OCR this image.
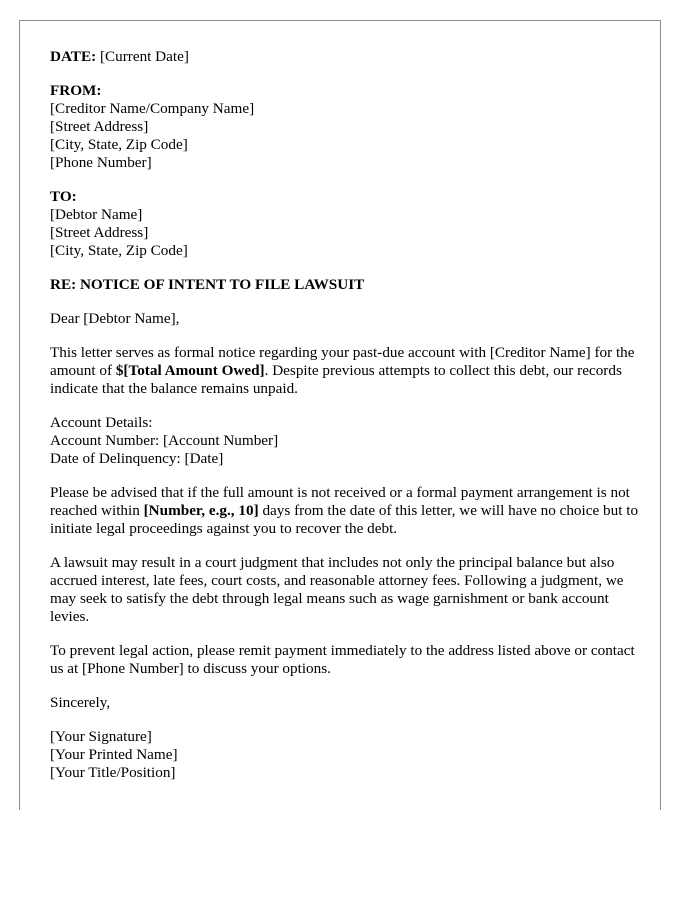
DATE: [Current Date]
FROM:
[Creditor Name/Company Name]
[Street Address]
[City, State, Zip Code]
[Phone Number]
TO:
[Debtor Name]
[Street Address]
[City, State, Zip Code]
RE: NOTICE OF INTENT TO FILE LAWSUIT
Dear [Debtor Name],
This letter serves as formal notice regarding your past-due account with [Creditor Name] for the amount of $[Total Amount Owed]. Despite previous attempts to collect this debt, our records indicate that the balance remains unpaid.
Account Details:
Account Number: [Account Number]
Date of Delinquency: [Date]
Please be advised that if the full amount is not received or a formal payment arrangement is not reached within [Number, e.g., 10] days from the date of this letter, we will have no choice but to initiate legal proceedings against you to recover the debt.
A lawsuit may result in a court judgment that includes not only the principal balance but also accrued interest, late fees, court costs, and reasonable attorney fees. Following a judgment, we may seek to satisfy the debt through legal means such as wage garnishment or bank account levies.
To prevent legal action, please remit payment immediately to the address listed above or contact us at [Phone Number] to discuss your options.
Sincerely,
[Your Signature]
[Your Printed Name]
[Your Title/Position]
